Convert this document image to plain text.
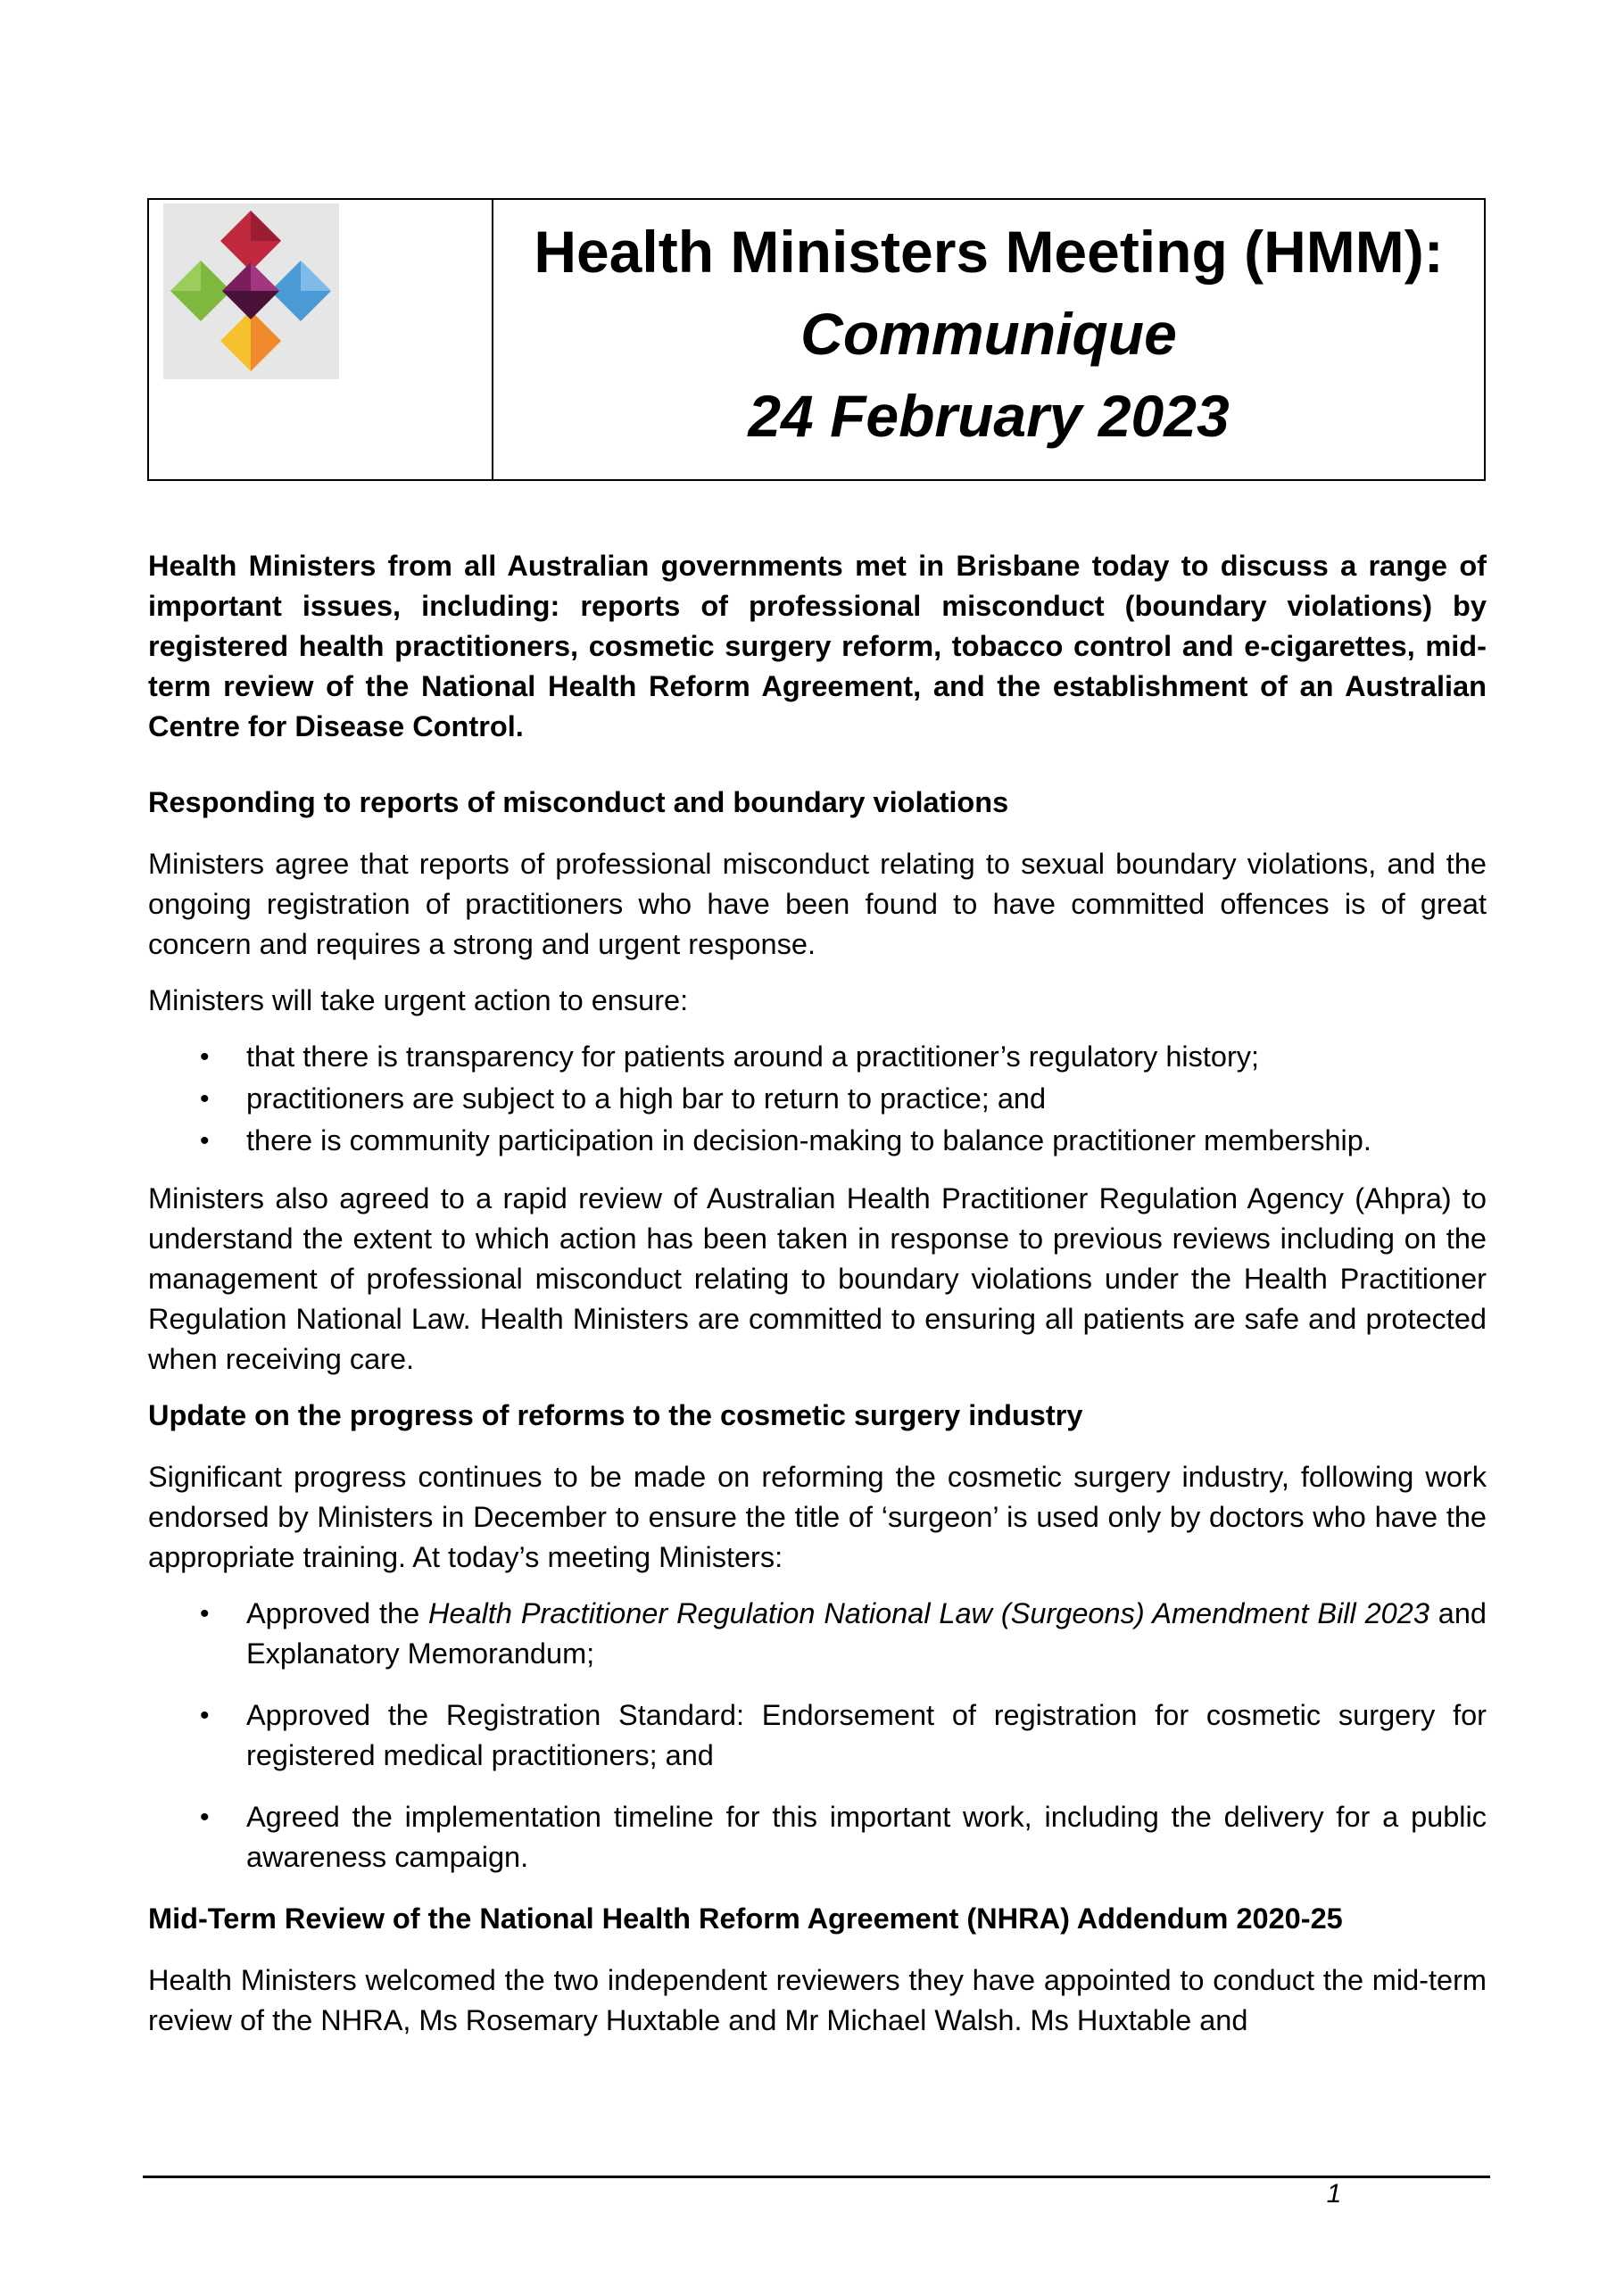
Health Ministers Meeting (HMM):
Communique
24 February 2023

Health Ministers from all Australian governments met in Brisbane today to discuss a range of important issues, including: reports of professional misconduct (boundary violations) by registered health practitioners, cosmetic surgery reform, tobacco control and e-cigarettes, mid-term review of the National Health Reform Agreement, and the establishment of an Australian Centre for Disease Control.

Responding to reports of misconduct and boundary violations

Ministers agree that reports of professional misconduct relating to sexual boundary violations, and the ongoing registration of practitioners who have been found to have committed offences is of great concern and requires a strong and urgent response.

Ministers will take urgent action to ensure:

• that there is transparency for patients around a practitioner’s regulatory history;
• practitioners are subject to a high bar to return to practice; and
• there is community participation in decision-making to balance practitioner membership.

Ministers also agreed to a rapid review of Australian Health Practitioner Regulation Agency (Ahpra) to understand the extent to which action has been taken in response to previous reviews including on the management of professional misconduct relating to boundary violations under the Health Practitioner Regulation National Law. Health Ministers are committed to ensuring all patients are safe and protected when receiving care.

Update on the progress of reforms to the cosmetic surgery industry

Significant progress continues to be made on reforming the cosmetic surgery industry, following work endorsed by Ministers in December to ensure the title of ‘surgeon’ is used only by doctors who have the appropriate training. At today’s meeting Ministers:

• Approved the Health Practitioner Regulation National Law (Surgeons) Amendment Bill 2023 and Explanatory Memorandum;
• Approved the Registration Standard: Endorsement of registration for cosmetic surgery for registered medical practitioners; and
• Agreed the implementation timeline for this important work, including the delivery for a public awareness campaign.
Mid-Term Review of the National Health Reform Agreement (NHRA) Addendum 2020-25

Health Ministers welcomed the two independent reviewers they have appointed to conduct the mid-term review of the NHRA, Ms Rosemary Huxtable and Mr Michael Walsh. Ms Huxtable and

1
